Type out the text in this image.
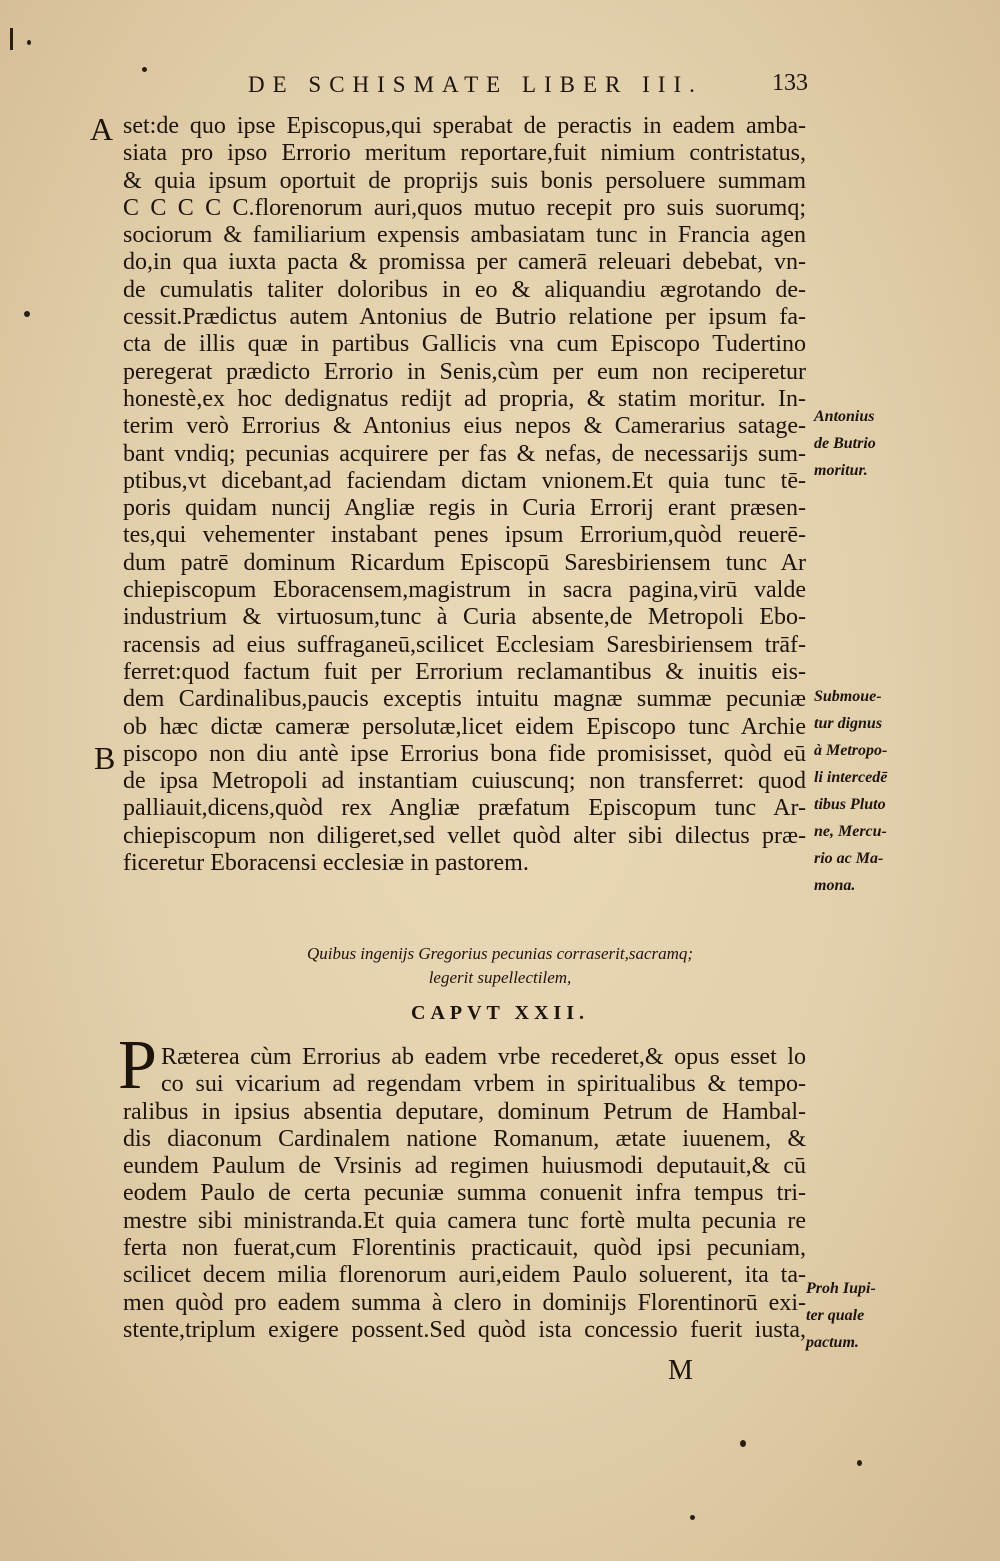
DE SCHISMATE LIBER III.	133
A
B
set:de quo ipse Episcopus,qui sperabat de peractis in eadem amba-
siata pro ipso Errorio meritum reportare,fuit nimium contristatus,
& quia ipsum oportuit de proprijs suis bonis persoluere summam
C C C C C.florenorum auri,quos mutuo recepit pro suis suorumq;
sociorum & familiarium expensis ambasiatam tunc in Francia agen
do,in qua iuxta pacta & promissa per camerā releuari debebat, vn-
de cumulatis taliter doloribus in eo & aliquandiu ægrotando de-
cessit.Prædictus autem Antonius de Butrio relatione per ipsum fa-
cta de illis quæ in partibus Gallicis vna cum Episcopo Tudertino
peregerat prædicto Errorio in Senis,cùm per eum non reciperetur
honestè,ex hoc dedignatus redijt ad propria, & statim moritur. In-
terim verò Errorius & Antonius eius nepos & Camerarius satage-
bant vndiq; pecunias acquirere per fas & nefas, de necessarijs sum-
ptibus,vt dicebant,ad faciendam dictam vnionem.Et quia tunc tē-
poris quidam nuncij Angliæ regis in Curia Errorij erant præsen-
tes,qui vehementer instabant penes ipsum Errorium,quòd reuerē-
dum patrē dominum Ricardum Episcopū Saresbiriensem tunc Ar
chiepiscopum Eboracensem,magistrum in sacra pagina,virū valde
industrium & virtuosum,tunc à Curia absente,de Metropoli Ebo-
racensis ad eius suffraganeū,scilicet Ecclesiam Saresbiriensem trāf-
ferret:quod factum fuit per Errorium reclamantibus & inuitis eis-
dem Cardinalibus,paucis exceptis intuitu magnæ summæ pecuniæ
ob hæc dictæ cameræ persolutæ,licet eidem Episcopo tunc Archie
piscopo non diu antè ipse Errorius bona fide promisisset, quòd eū
de ipsa Metropoli ad instantiam cuiuscunq; non transferret: quod
palliauit,dicens,quòd rex Angliæ præfatum Episcopum tunc Ar-
chiepiscopum non diligeret,sed vellet quòd alter sibi dilectus præ-
ficeretur Eboracensi ecclesiæ in pastorem.
Antonius
de Butrio
moritur.
Submoue-
tur dignus
à Metropo-
li intercedē
tibus Pluto
ne, Mercu-
rio ac Ma-
mona.
Quibus ingenijs Gregorius pecunias corraserit,sacramq;
legerit supellectilem,
CAPVT XXII.
P Ræterea cùm Errorius ab eadem vrbe recederet,& opus esset lo
co sui vicarium ad regendam vrbem in spiritualibus & tempo-
ralibus in ipsius absentia deputare, dominum Petrum de Hambal-
dis diaconum Cardinalem natione Romanum, ætate iuuenem, &
eundem Paulum de Vrsinis ad regimen huiusmodi deputauit,& cū
eodem Paulo de certa pecuniæ summa conuenit infra tempus tri-
mestre sibi ministranda.Et quia camera tunc fortè multa pecunia re
ferta non fuerat,cum Florentinis practicauit, quòd ipsi pecuniam,
scilicet decem milia florenorum auri,eidem Paulo soluerent, ita ta-
men quòd pro eadem summa à clero in dominijs Florentinorū exi-
stente,triplum exigere possent.Sed quòd ista concessio fuerit iusta,
Proh Iupi-
ter quale
pactum.
M
